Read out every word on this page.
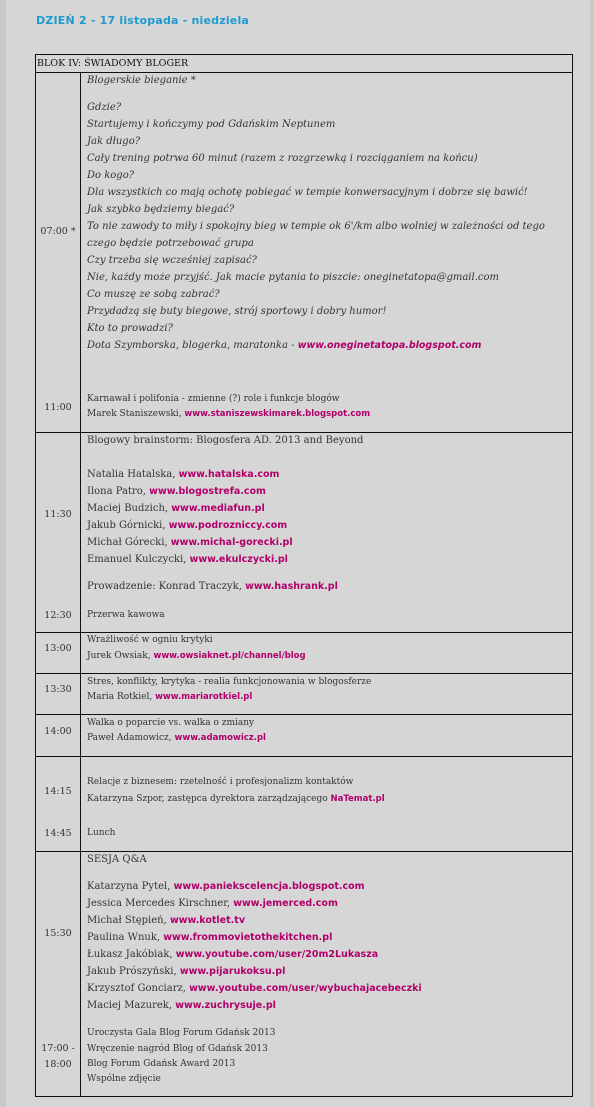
DZIEŃ 2 - 17 listopada - niedziela
BLOK IV: ŚWIADOMY BLOGER
07:00 *
Blogerskie bieganie *
Gdzie?
Startujemy i kończymy pod Gdańskim Neptunem
Jak długo?
Cały trening potrwa 60 minut (razem z rozgrzewką i rozciąganiem na końcu)
Do kogo?
Dla wszystkich co mają ochotę pobiegać w tempie konwersacyjnym i dobrze się bawić!
Jak szybko będziemy biegać?
To nie zawody to miły i spokojny bieg w tempie ok 6'/km albo wolniej w zależności od tego
czego będzie potrzebować grupa
Czy trzeba się wcześniej zapisać?
Nie, każdy może przyjść. Jak macie pytania to piszcie: oneginetatopa@gmail.com
Co muszę ze sobą zabrać?
Przydadzą się buty biegowe, strój sportowy i dobry humor!
Kto to prowadzi?
Dota Szymborska, blogerka, maratonka - www.oneginetatopa.blogspot.com
11:00
Karnawał i polifonia - zmienne (?) role i funkcje blogów
Marek Staniszewski, www.staniszewskimarek.blogspot.com
11:30
Blogowy brainstorm: Blogosfera AD. 2013 and Beyond
Natalia Hatalska, www.hatalska.com
Ilona Patro, www.blogostrefa.com
Maciej Budzich, www.mediafun.pl
Jakub Górnicki, www.podrozniccy.com
Michał Górecki, www.michal-gorecki.pl
Emanuel Kulczycki, www.ekulczycki.pl
Prowadzenie: Konrad Traczyk, www.hashrank.pl
12:30	Przerwa kawowa
13:00
Wrażliwość w ogniu krytyki
Jurek Owsiak, www.owsiaknet.pl/channel/blog
13:30
Stres, konflikty, krytyka - realia funkcjonowania w blogosferze
Maria Rotkiel, www.mariarotkiel.pl
14:00
Walka o poparcie vs. walka o zmiany
Paweł Adamowicz, www.adamowicz.pl
14:15
Relacje z biznesem: rzetelność i profesjonalizm kontaktów
Katarzyna Szpor, zastępca dyrektora zarządzającego NaTemat.pl
14:45	Lunch
15:30
SESJA Q&A
Katarzyna Pytel, www.paniekscelencja.blogspot.com
Jessica Mercedes Kirschner, www.jemerced.com
Michał Stępień, www.kotlet.tv
Paulina Wnuk, www.frommovietothekitchen.pl
Łukasz Jakóbiak, www.youtube.com/user/20m2Lukasza
Jakub Prószyński, www.pijarukoksu.pl
Krzysztof Gonciarz, www.youtube.com/user/wybuchajacebeczki
Maciej Mazurek, www.zuchrysuje.pl
17:00 -
18:00
Uroczysta Gala Blog Forum Gdańsk 2013
Wręczenie nagród Blog of Gdańsk 2013
Blog Forum Gdańsk Award 2013
Wspólne zdjęcie
